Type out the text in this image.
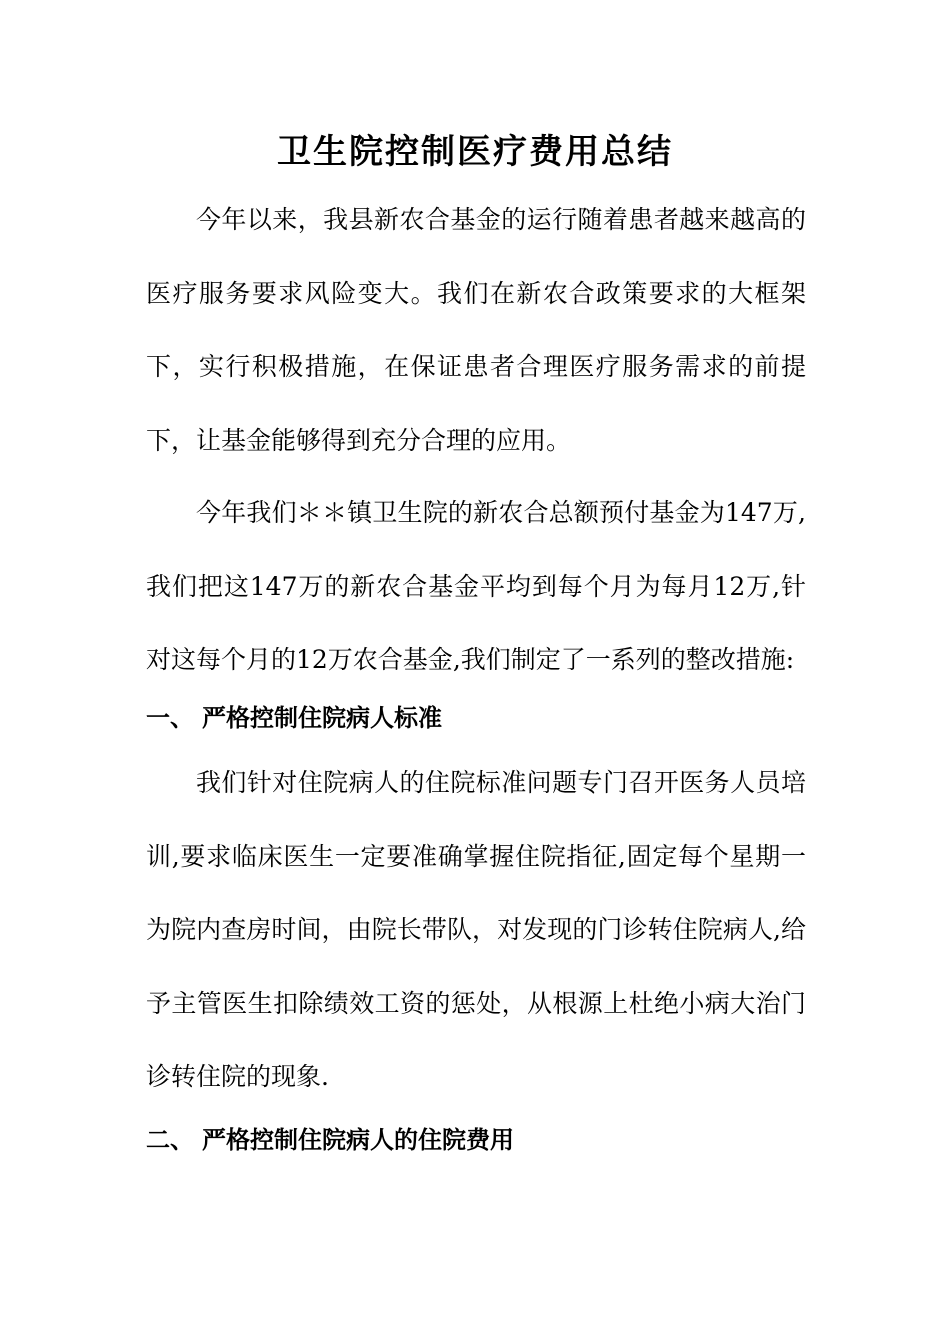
卫生院控制医疗费用总结

今年以来，我县新农合基金的运行随着患者越来越高的医疗服务要求风险变大。我们在新农合政策要求的大框架下，实行积极措施，在保证患者合理医疗服务需求的前提下，让基金能够得到充分合理的应用。

今年我们＊＊镇卫生院的新农合总额预付基金为147万,我们把这147万的新农合基金平均到每个月为每月12万,针对这每个月的12万农合基金,我们制定了一系列的整改措施:

一、 严格控制住院病人标准

我们针对住院病人的住院标准问题专门召开医务人员培训,要求临床医生一定要准确掌握住院指征,固定每个星期一为院内查房时间，由院长带队，对发现的门诊转住院病人,给予主管医生扣除绩效工资的惩处，从根源上杜绝小病大治门诊转住院的现象.

二、 严格控制住院病人的住院费用
